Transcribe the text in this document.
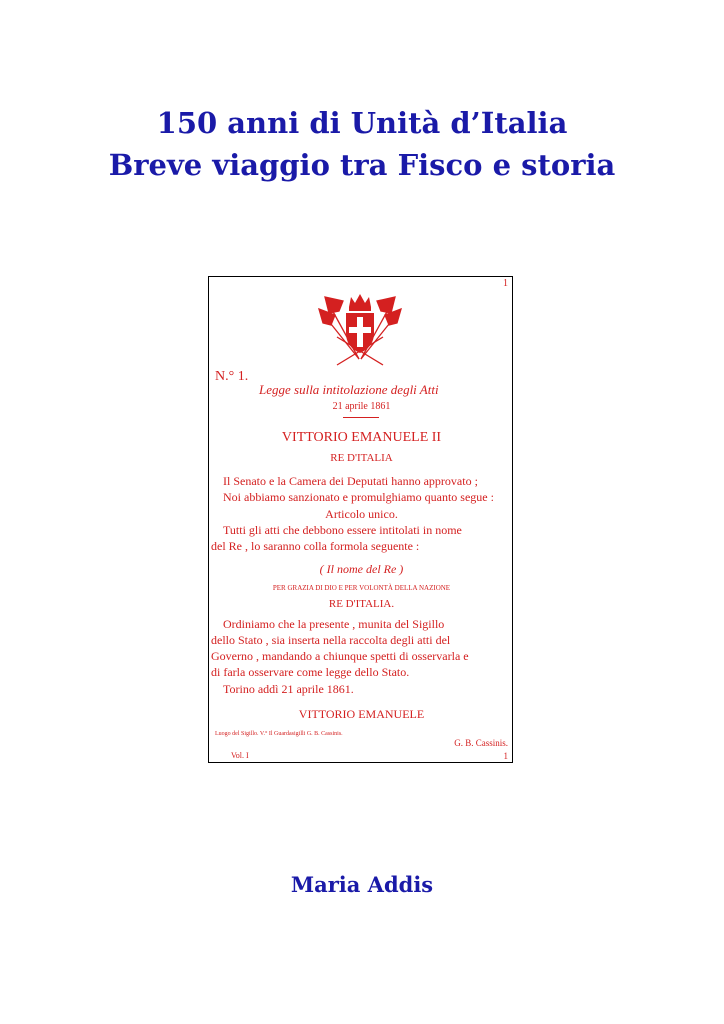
150 anni di Unità d’Italia
Breve viaggio tra Fisco e storia
1
N.° 1.
Legge sulla intitolazione degli Atti
21 aprile 1861
VITTORIO EMANUELE II
RE D'ITALIA
Il Senato e la Camera dei Deputati hanno approvato ;
Noi abbiamo sanzionato e promulghiamo quanto segue :
Articolo unico.
Tutti gli atti che debbono essere intitolati in nome
del Re , lo saranno colla formola seguente :
( Il nome del Re )
PER GRAZIA DI DIO E PER VOLONTÀ DELLA NAZIONE
RE D'ITALIA.
Ordiniamo che la presente , munita del Sigillo
dello Stato , sia inserta nella raccolta degli atti del
Governo , mandando a chiunque spetti di osservarla e
di farla osservare come legge dello Stato.
Torino addì 21 aprile 1861.
VITTORIO EMANUELE
Luogo del Sigillo. V.° Il Guardasigilli G. B. Cassinis.
G. B. Cassinis.
Vol. I	1
Maria Addis
